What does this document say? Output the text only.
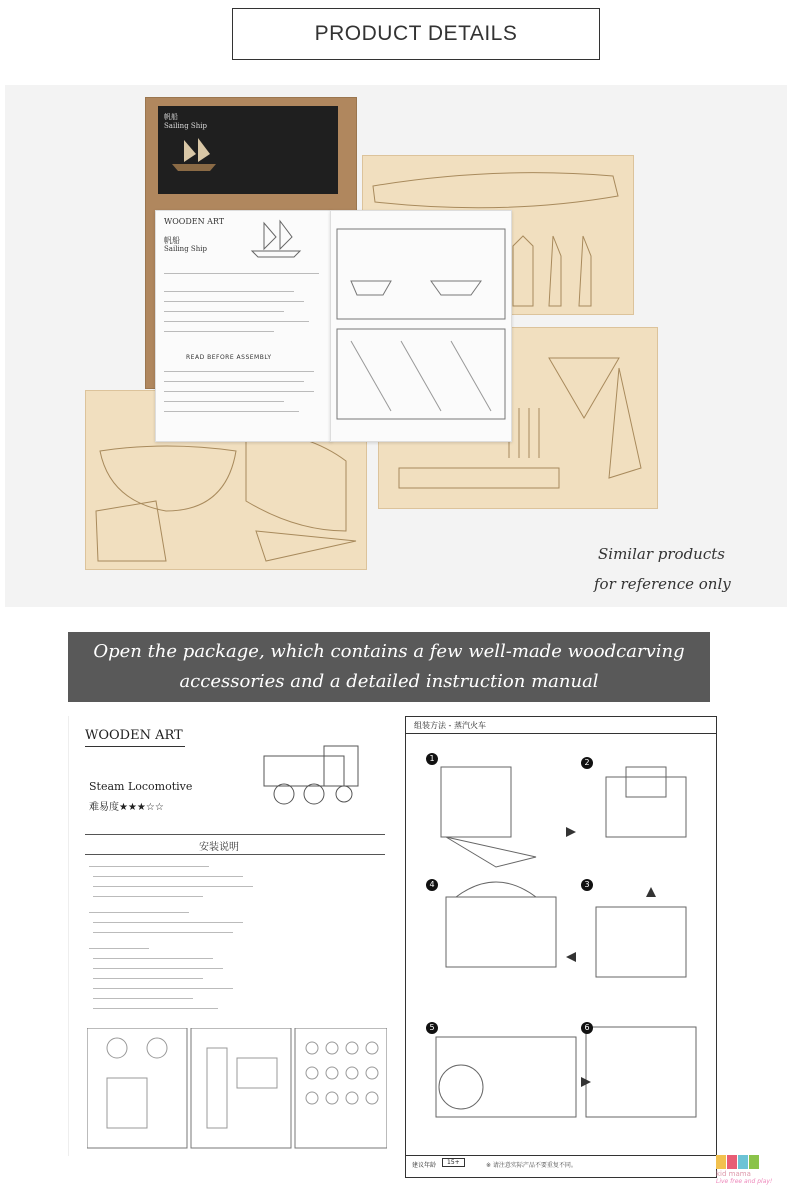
PRODUCT DETAILS
帆船
Sailing Ship
WOODEN ART
帆船
Sailing Ship
READ BEFORE ASSEMBLY
Similar products
for reference only
Open the package, which contains a few well-made woodcarving
accessories and a detailed instruction manual
WOODEN ART
Steam Locomotive
难易度★★★☆☆
安装说明
组装方法 - 蒸汽火车
1	2
3
4
5	6
建议年龄	15+	※ 请注意实际产品不要重复不同。
kid mama
Live free and play!
